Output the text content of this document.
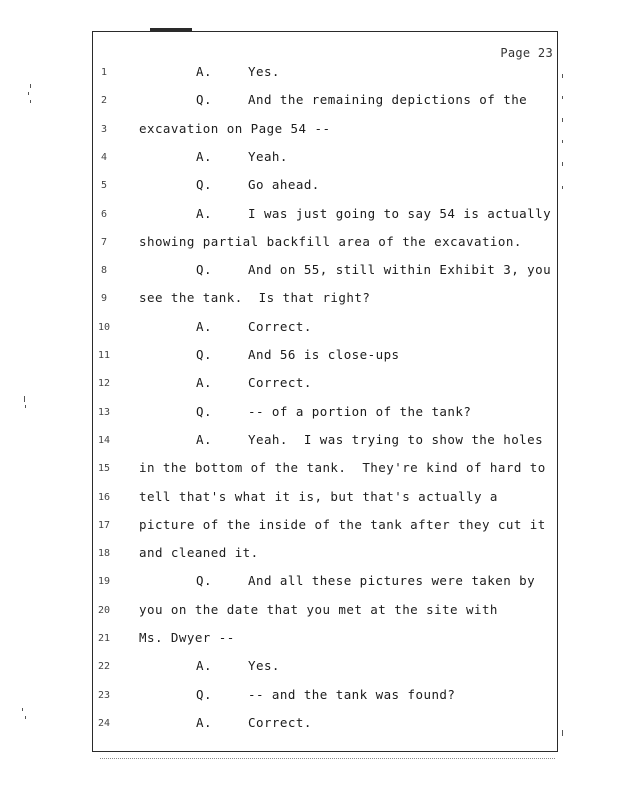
Page 23
1	A.	Yes.
2	Q.	And the remaining depictions of the
3	excavation on Page 54 --
4	A.	Yeah.
5	Q.	Go ahead.
6	A.	I was just going to say 54 is actually
7	showing partial backfill area of the excavation.
8	Q.	And on 55, still within Exhibit 3, you
9	see the tank.  Is that right?
10	A.	Correct.
11	Q.	And 56 is close-ups
12	A.	Correct.
13	Q.	-- of a portion of the tank?
14	A.	Yeah.  I was trying to show the holes
15	in the bottom of the tank.  They're kind of hard to
16	tell that's what it is, but that's actually a
17	picture of the inside of the tank after they cut it
18	and cleaned it.
19	Q.	And all these pictures were taken by
20	you on the date that you met at the site with
21	Ms. Dwyer --
22	A.	Yes.
23	Q.	-- and the tank was found?
24	A.	Correct.
